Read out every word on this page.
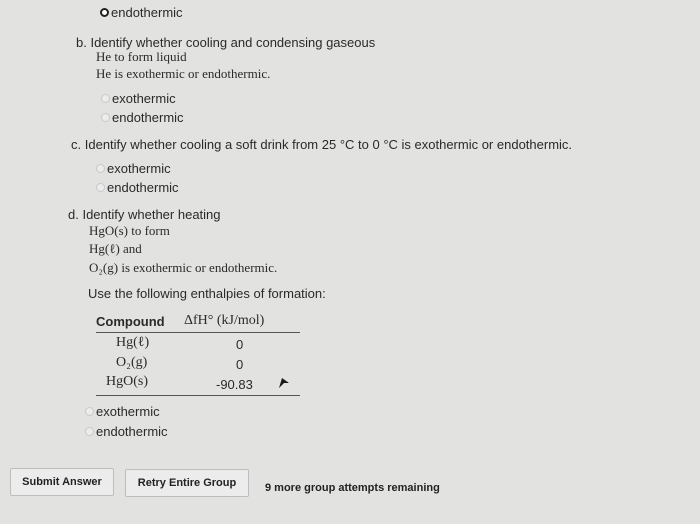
endothermic
b. Identify whether cooling and condensing gaseous
He to form liquid
He is exothermic or endothermic.
exothermic
endothermic
c. Identify whether cooling a soft drink from 25 °C to 0 °C is exothermic or endothermic.
exothermic
endothermic
d. Identify whether heating
HgO(s) to form
Hg(ℓ) and
O₂(g) is exothermic or endothermic.
Use the following enthalpies of formation:
Compound ΔfH° (kJ/mol)
Hg(ℓ)	0
O₂(g)	0
HgO(s)	-90.83
exothermic
endothermic
Submit Answer	Retry Entire Group	9 more group attempts remaining
